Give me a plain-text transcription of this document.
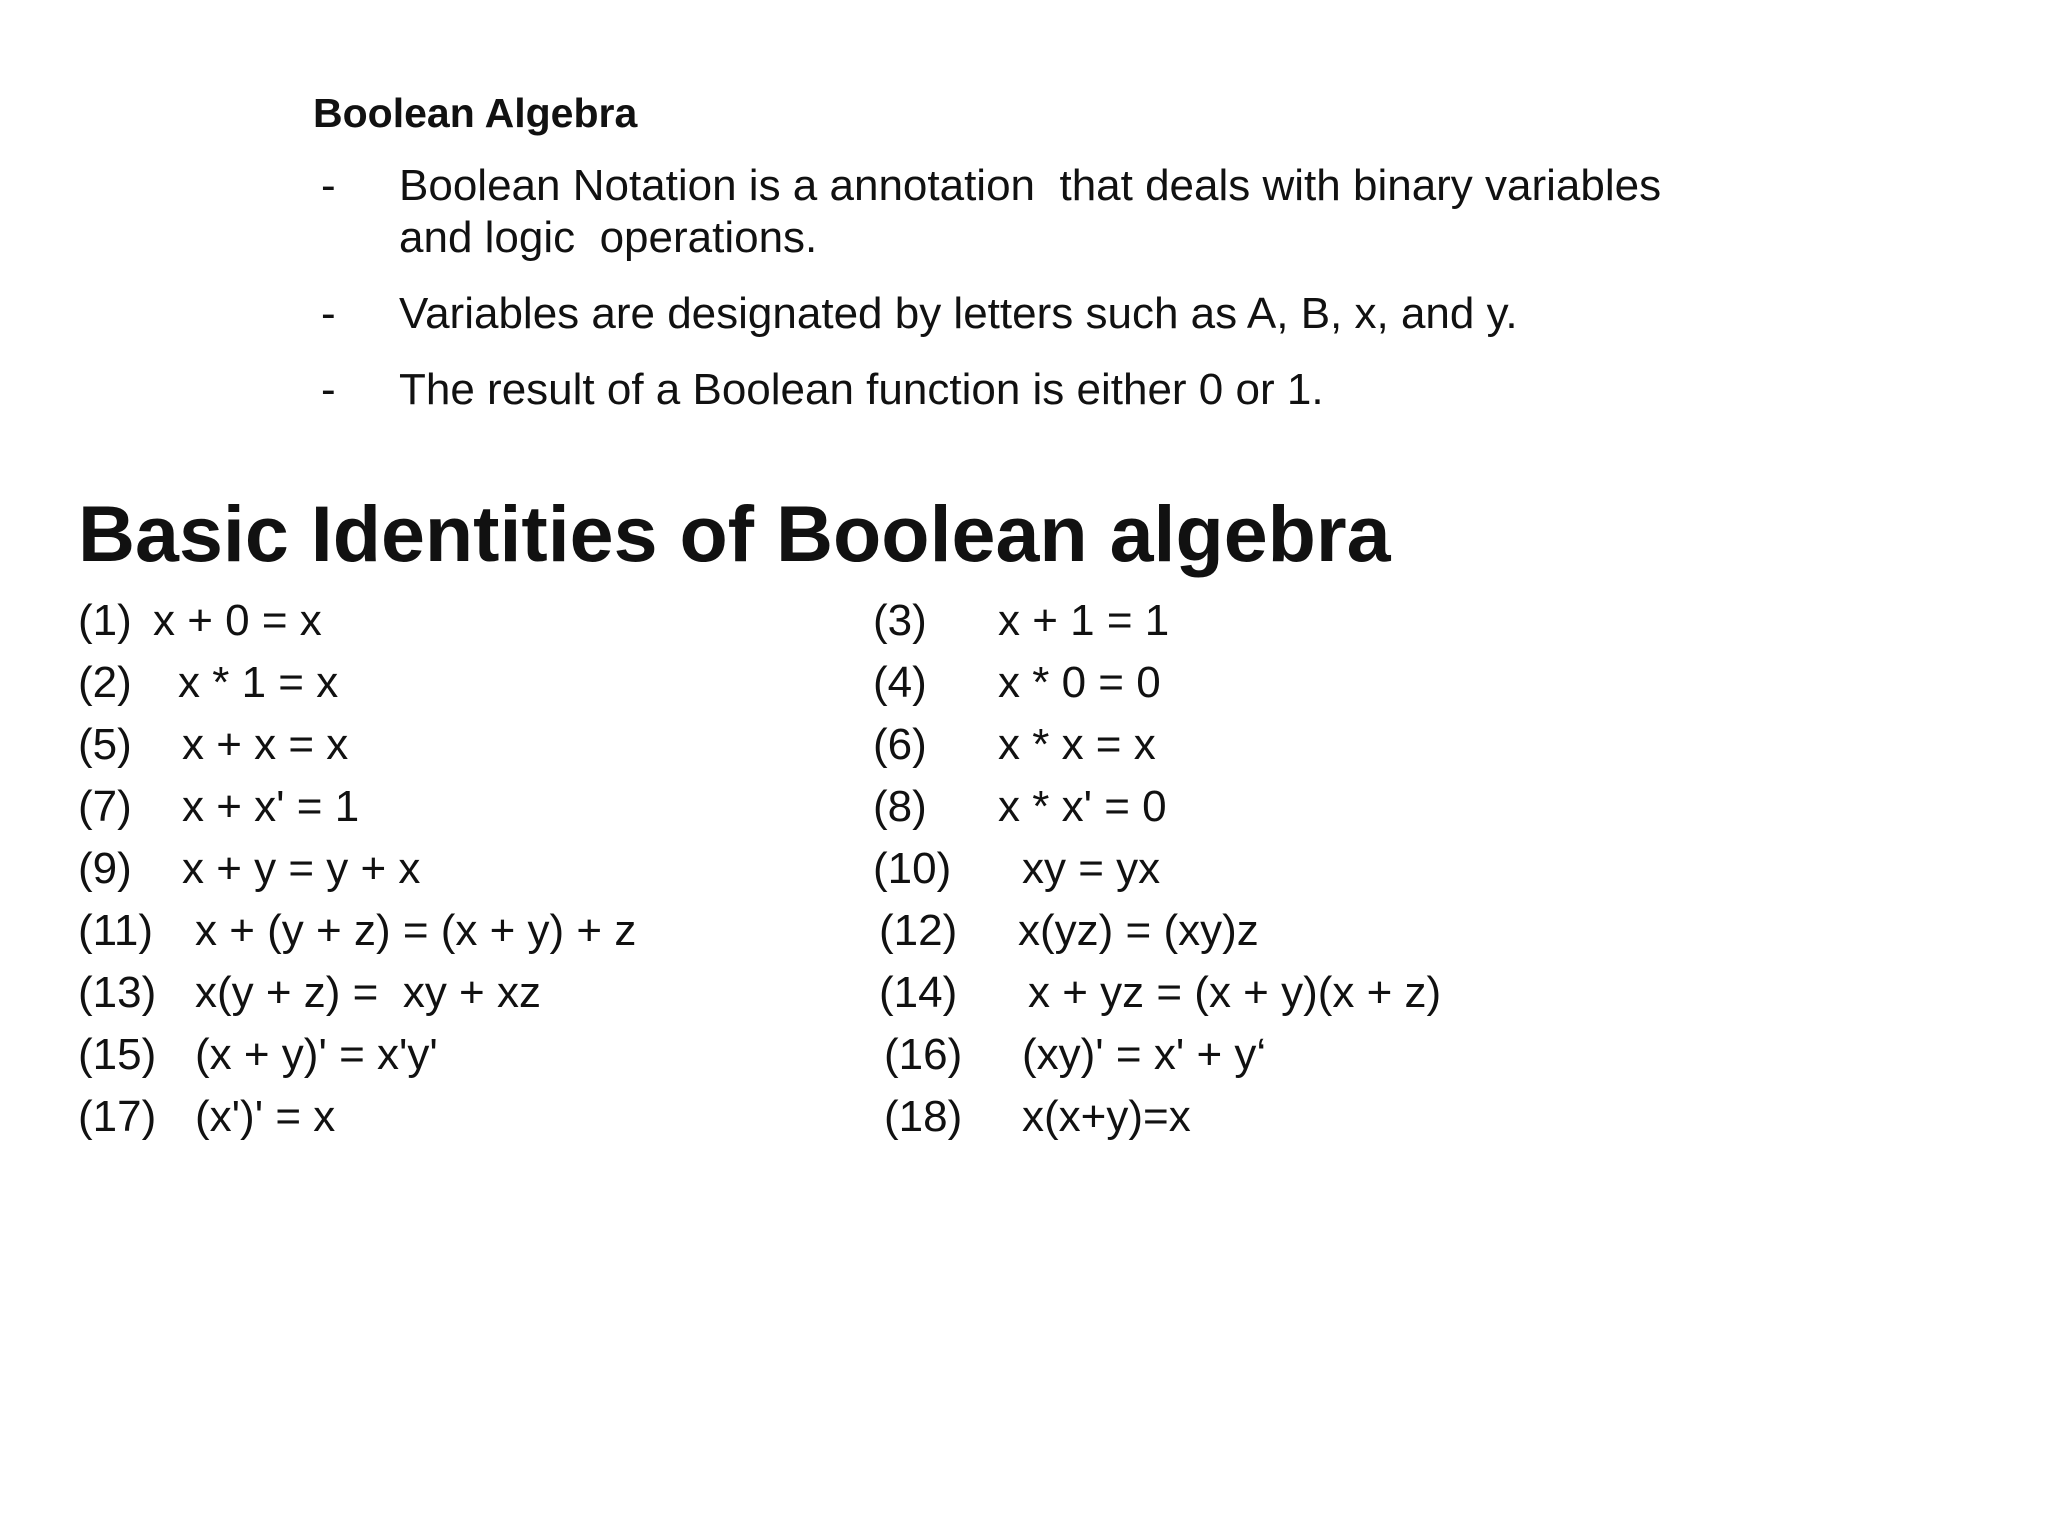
Boolean Algebra
-	Boolean Notation is a annotation  that deals with binary variables and logic  operations.
-	Variables are designated by letters such as A, B, x, and y.
-	The result of a Boolean function is either 0 or 1.
Basic Identities of Boolean algebra
(1) x + 0 = x	(3) x + 1 = 1
(2) x * 1 = x	(4) x * 0 = 0
(5) x + x = x	(6) x * x = x
(7) x + x' = 1	(8) x * x' = 0
(9) x + y = y + x	(10) xy = yx
(11) x + (y + z) = (x + y) + z	(12) x(yz) = (xy)z
(13) x(y + z) =  xy + xz	(14) x + yz = (x + y)(x + z)
(15) (x + y)' = x'y'	(16) (xy)' = x' + y‘
(17) (x')' = x	(18) x(x+y)=x
